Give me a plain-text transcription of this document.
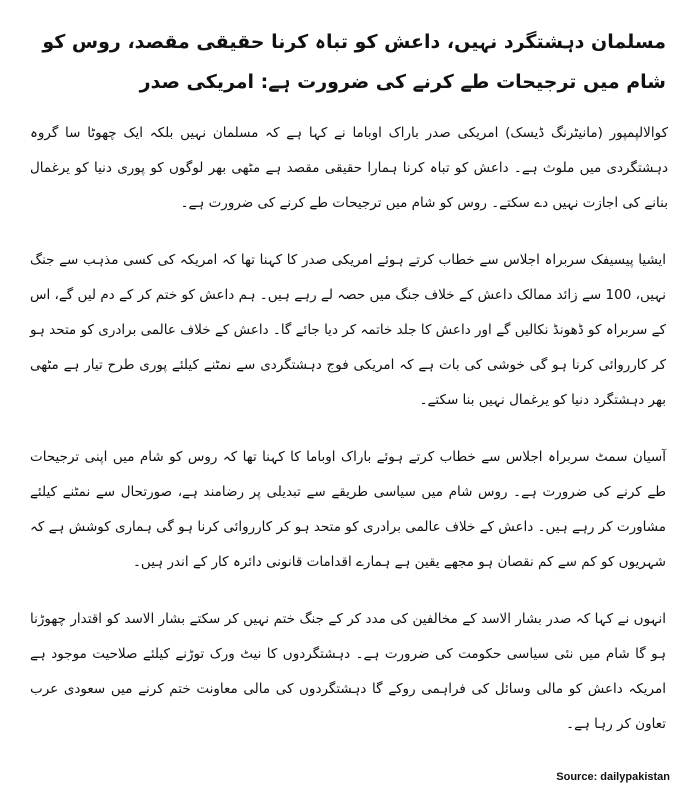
مسلمان دہشتگرد نہیں، داعش کو تباہ کرنا حقیقی مقصد، روس کو شام میں ترجیحات طے کرنے کی ضرورت ہے: امریکی صدر

کوالالپمپور (مانیٹرنگ ڈیسک) امریکی صدر باراک اوباما نے کہا ہے کہ مسلمان نہیں بلکہ ایک چھوٹا سا گروہ دہشتگردی میں ملوث ہے۔ داعش کو تباہ کرنا ہمارا حقیقی مقصد ہے مٹھی بھر لوگوں کو پوری دنیا کو یرغمال بنانے کی اجازت نہیں دے سکتے۔ روس کو شام میں ترجیحات طے کرنے کی ضرورت ہے۔

ایشیا پیسیفک سربراہ اجلاس سے خطاب کرتے ہوئے امریکی صدر کا کہنا تھا کہ امریکہ کی کسی مذہب سے جنگ نہیں، 100 سے زائد ممالک داعش کے خلاف جنگ میں حصہ لے رہے ہیں۔ ہم داعش کو ختم کر کے دم لیں گے، اس کے سربراہ کو ڈھونڈ نکالیں گے اور داعش کا جلد خاتمہ کر دیا جائے گا۔ داعش کے خلاف عالمی برادری کو متحد ہو کر کارروائی کرنا ہو گی خوشی کی بات ہے کہ امریکی فوج دہشتگردی سے نمٹنے کیلئے پوری طرح تیار ہے مٹھی بھر دہشتگرد دنیا کو یرغمال نہیں بنا سکتے۔

آسیان سمٹ سربراہ اجلاس سے خطاب کرتے ہوئے باراک اوباما کا کہنا تھا کہ روس کو شام میں اپنی ترجیحات طے کرنے کی ضرورت ہے۔ روس شام میں سیاسی طریقے سے تبدیلی پر رضامند ہے، صورتحال سے نمٹنے کیلئے مشاورت کر رہے ہیں۔ داعش کے خلاف عالمی برادری کو متحد ہو کر کارروائی کرنا ہو گی ہماری کوشش ہے کہ شہریوں کو کم سے کم نقصان ہو مجھے یقین ہے ہمارے اقدامات قانونی دائرہ کار کے اندر ہیں۔

انہوں نے کہا کہ صدر بشار الاسد کے مخالفین کی مدد کر کے جنگ ختم نہیں کر سکتے بشار الاسد کو اقتدار چھوڑنا ہو گا شام میں نئی سیاسی حکومت کی ضرورت ہے۔ دہشتگردوں کا نیٹ ورک توڑنے کیلئے صلاحیت موجود ہے امریکہ داعش کو مالی وسائل کی فراہمی روکے گا دہشتگردوں کی مالی معاونت ختم کرنے میں سعودی عرب تعاون کر رہا ہے۔

Source: dailypakistan
